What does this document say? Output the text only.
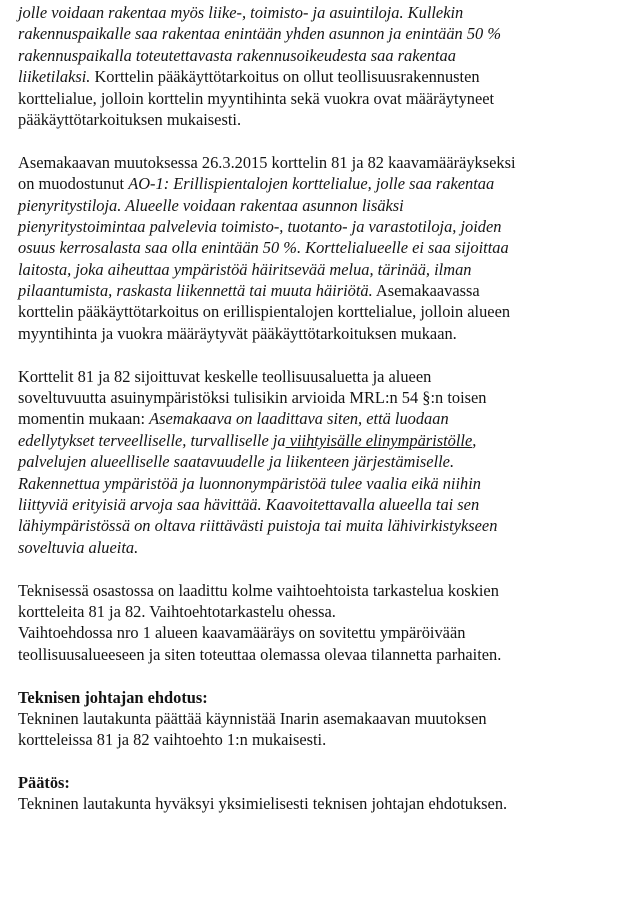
jolle voidaan rakentaa myös liike-, toimisto- ja asuintiloja. Kullekin
rakennuspaikalle saa rakentaa enintään yhden asunnon ja enintään 50 %
rakennuspaikalla toteutettavasta rakennusoikeudesta saa rakentaa
liiketilaksi. Korttelin pääkäyttötarkoitus on ollut teollisuusrakennusten
korttelialue, jolloin korttelin myyntihinta sekä vuokra ovat määräytyneet
pääkäyttötarkoituksen mukaisesti.
Asemakaavan muutoksessa 26.3.2015 korttelin 81 ja 82 kaavamääräykseksi
on muodostunut AO-1: Erillispientalojen korttelialue, jolle saa rakentaa
pienyritystiloja. Alueelle voidaan rakentaa asunnon lisäksi
pienyritystoimintaa palvelevia toimisto-, tuotanto- ja varastotiloja, joiden
osuus kerrosalasta saa olla enintään 50 %. Korttelialueelle ei saa sijoittaa
laitosta, joka aiheuttaa ympäristöä häiritsevää melua, tärinää, ilman
pilaantumista, raskasta liikennettä tai muuta häiriötä. Asemakaavassa
korttelin pääkäyttötarkoitus on erillispientalojen korttelialue, jolloin alueen
myyntihinta ja vuokra määräytyvät pääkäyttötarkoituksen mukaan.
Korttelit 81 ja 82 sijoittuvat keskelle teollisuusaluetta ja alueen
soveltuvuutta asuinympäristöksi tulisikin arvioida MRL:n 54 §:n toisen
momentin mukaan: Asemakaava on laadittava siten, että luodaan
edellytykset terveelliselle, turvalliselle ja viihtyisälle elinympäristölle,
palvelujen alueelliselle saatavuudelle ja liikenteen järjestämiselle.
Rakennettua ympäristöä ja luonnonympäristöä tulee vaalia eikä niihin
liittyviä erityisiä arvoja saa hävittää. Kaavoitettavalla alueella tai sen
lähiympäristössä on oltava riittävästi puistoja tai muita lähivirkistykseen
soveltuvia alueita.
Teknisessä osastossa on laadittu kolme vaihtoehtoista tarkastelua koskien
kortteleita 81 ja 82. Vaihtoehtotarkastelu ohessa.
Vaihtoehdossa nro 1 alueen kaavamääräys on sovitettu ympäröivään
teollisuusalueeseen ja siten toteuttaa olemassa olevaa tilannetta parhaiten.
Teknisen johtajan ehdotus:
Tekninen lautakunta päättää käynnistää Inarin asemakaavan muutoksen
kortteleissa 81 ja 82 vaihtoehto 1:n mukaisesti.
Päätös:
Tekninen lautakunta hyväksyi yksimielisesti teknisen johtajan ehdotuksen.
